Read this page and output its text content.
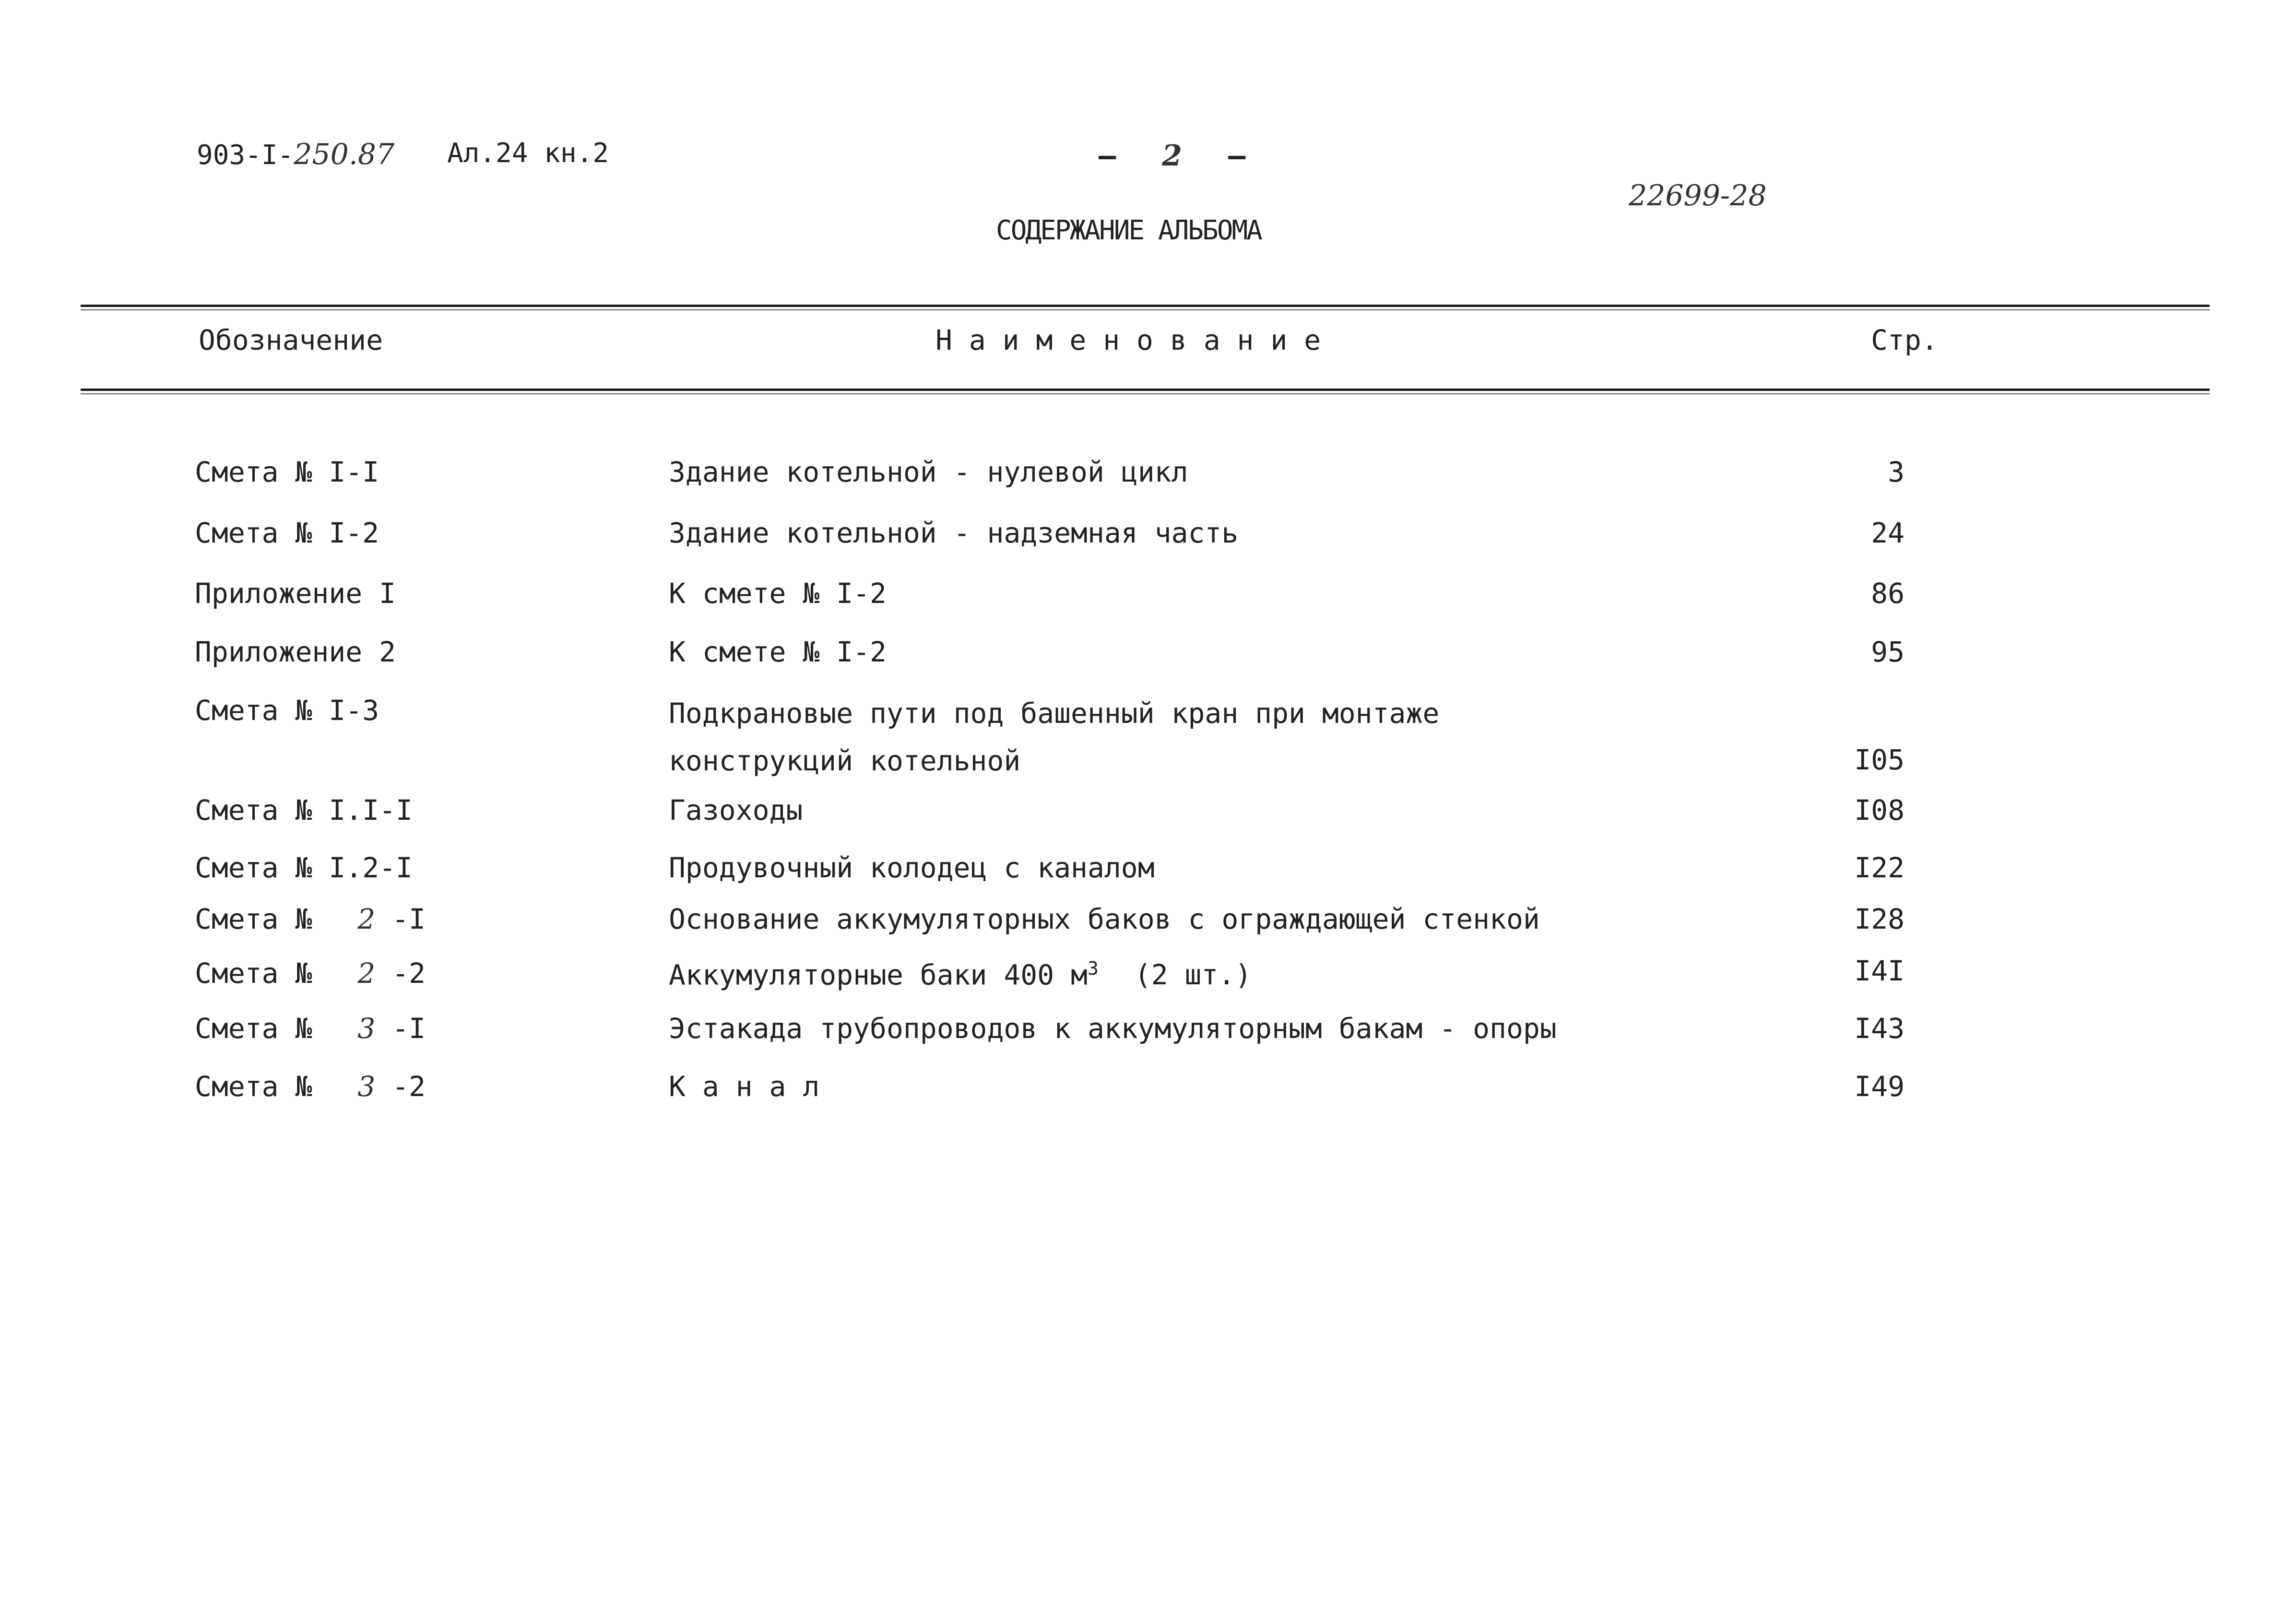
903-I-250.87 Ал.24 кн.2	– 2 –
22699-28
СОДЕРЖАНИЕ АЛЬБОМА
Обозначение	Н а и м е н о в а н и е	Стр.
Смета № I-I	Здание котельной - нулевой цикл	3
Смета № I-2	Здание котельной - надземная часть	24
Приложение I	К смете № I-2	86
Приложение 2	К смете № I-2	95
Смета № I-3	Подкрановые пути под башенный кран при монтаже
конструкций котельной	I05
Смета № I.I-I	Газоходы	I08
Смета № I.2-I	Продувочный колодец с каналом	I22
Смета № 2 -I	Основание аккумуляторных баков с ограждающей стенкой	I28
Смета № 2 -2	Аккумуляторные баки 400 $м^3$ (2 шт.)	I4I
Смета № 3 -I	Эстакада трубопроводов к аккумуляторным бакам - опоры	I43
Смета № 3 -2	К а н а л	I49
